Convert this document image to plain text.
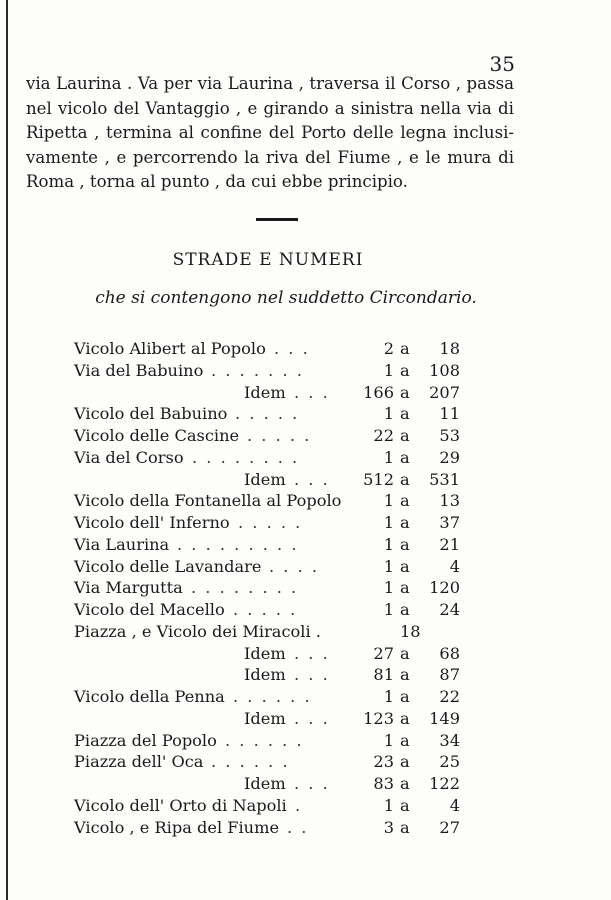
35
via Laurina . Va per via Laurina , traversa il Corso , passa
nel vicolo del Vantaggio , e girando a sinistra nella via di
Ripetta , termina al confine del Porto delle legna inclusi-
vamente , e percorrendo la riva del Fiume , e le mura di
Roma , torna al punto , da cui ebbe principio.
STRADE E NUMERI
che si contengono nel suddetto Circondario.
Vicolo Alibert al Popolo . . .	2 a	18
Via del Babuino . . . . . . .	1 a	108
Idem . . .	166 a	207
Vicolo del Babuino . . . . .	1 a	11
Vicolo delle Cascine . . . . .	22 a	53
Via del Corso . . . . . . . .	1 a	29
Idem . . .	512 a	531
Vicolo della Fontanella al Popolo	1 a	13
Vicolo dell' Inferno . . . . .	1 a	37
Via Laurina . . . . . . . . .	1 a	21
Vicolo delle Lavandare . . . .	1 a	4
Via Margutta . . . . . . . .	1 a	120
Vicolo del Macello . . . . .	1 a	24
Piazza , e Vicolo dei Miracoli .	18
Idem . . .	27 a	68
Idem . . .	81 a	87
Vicolo della Penna . . . . . .	1 a	22
Idem . . .	123 a	149
Piazza del Popolo . . . . . .	1 a	34
Piazza dell' Oca . . . . . .	23 a	25
Idem . . .	83 a	122
Vicolo dell' Orto di Napoli .	1 a	4
Vicolo , e Ripa del Fiume . .	3 a	27
